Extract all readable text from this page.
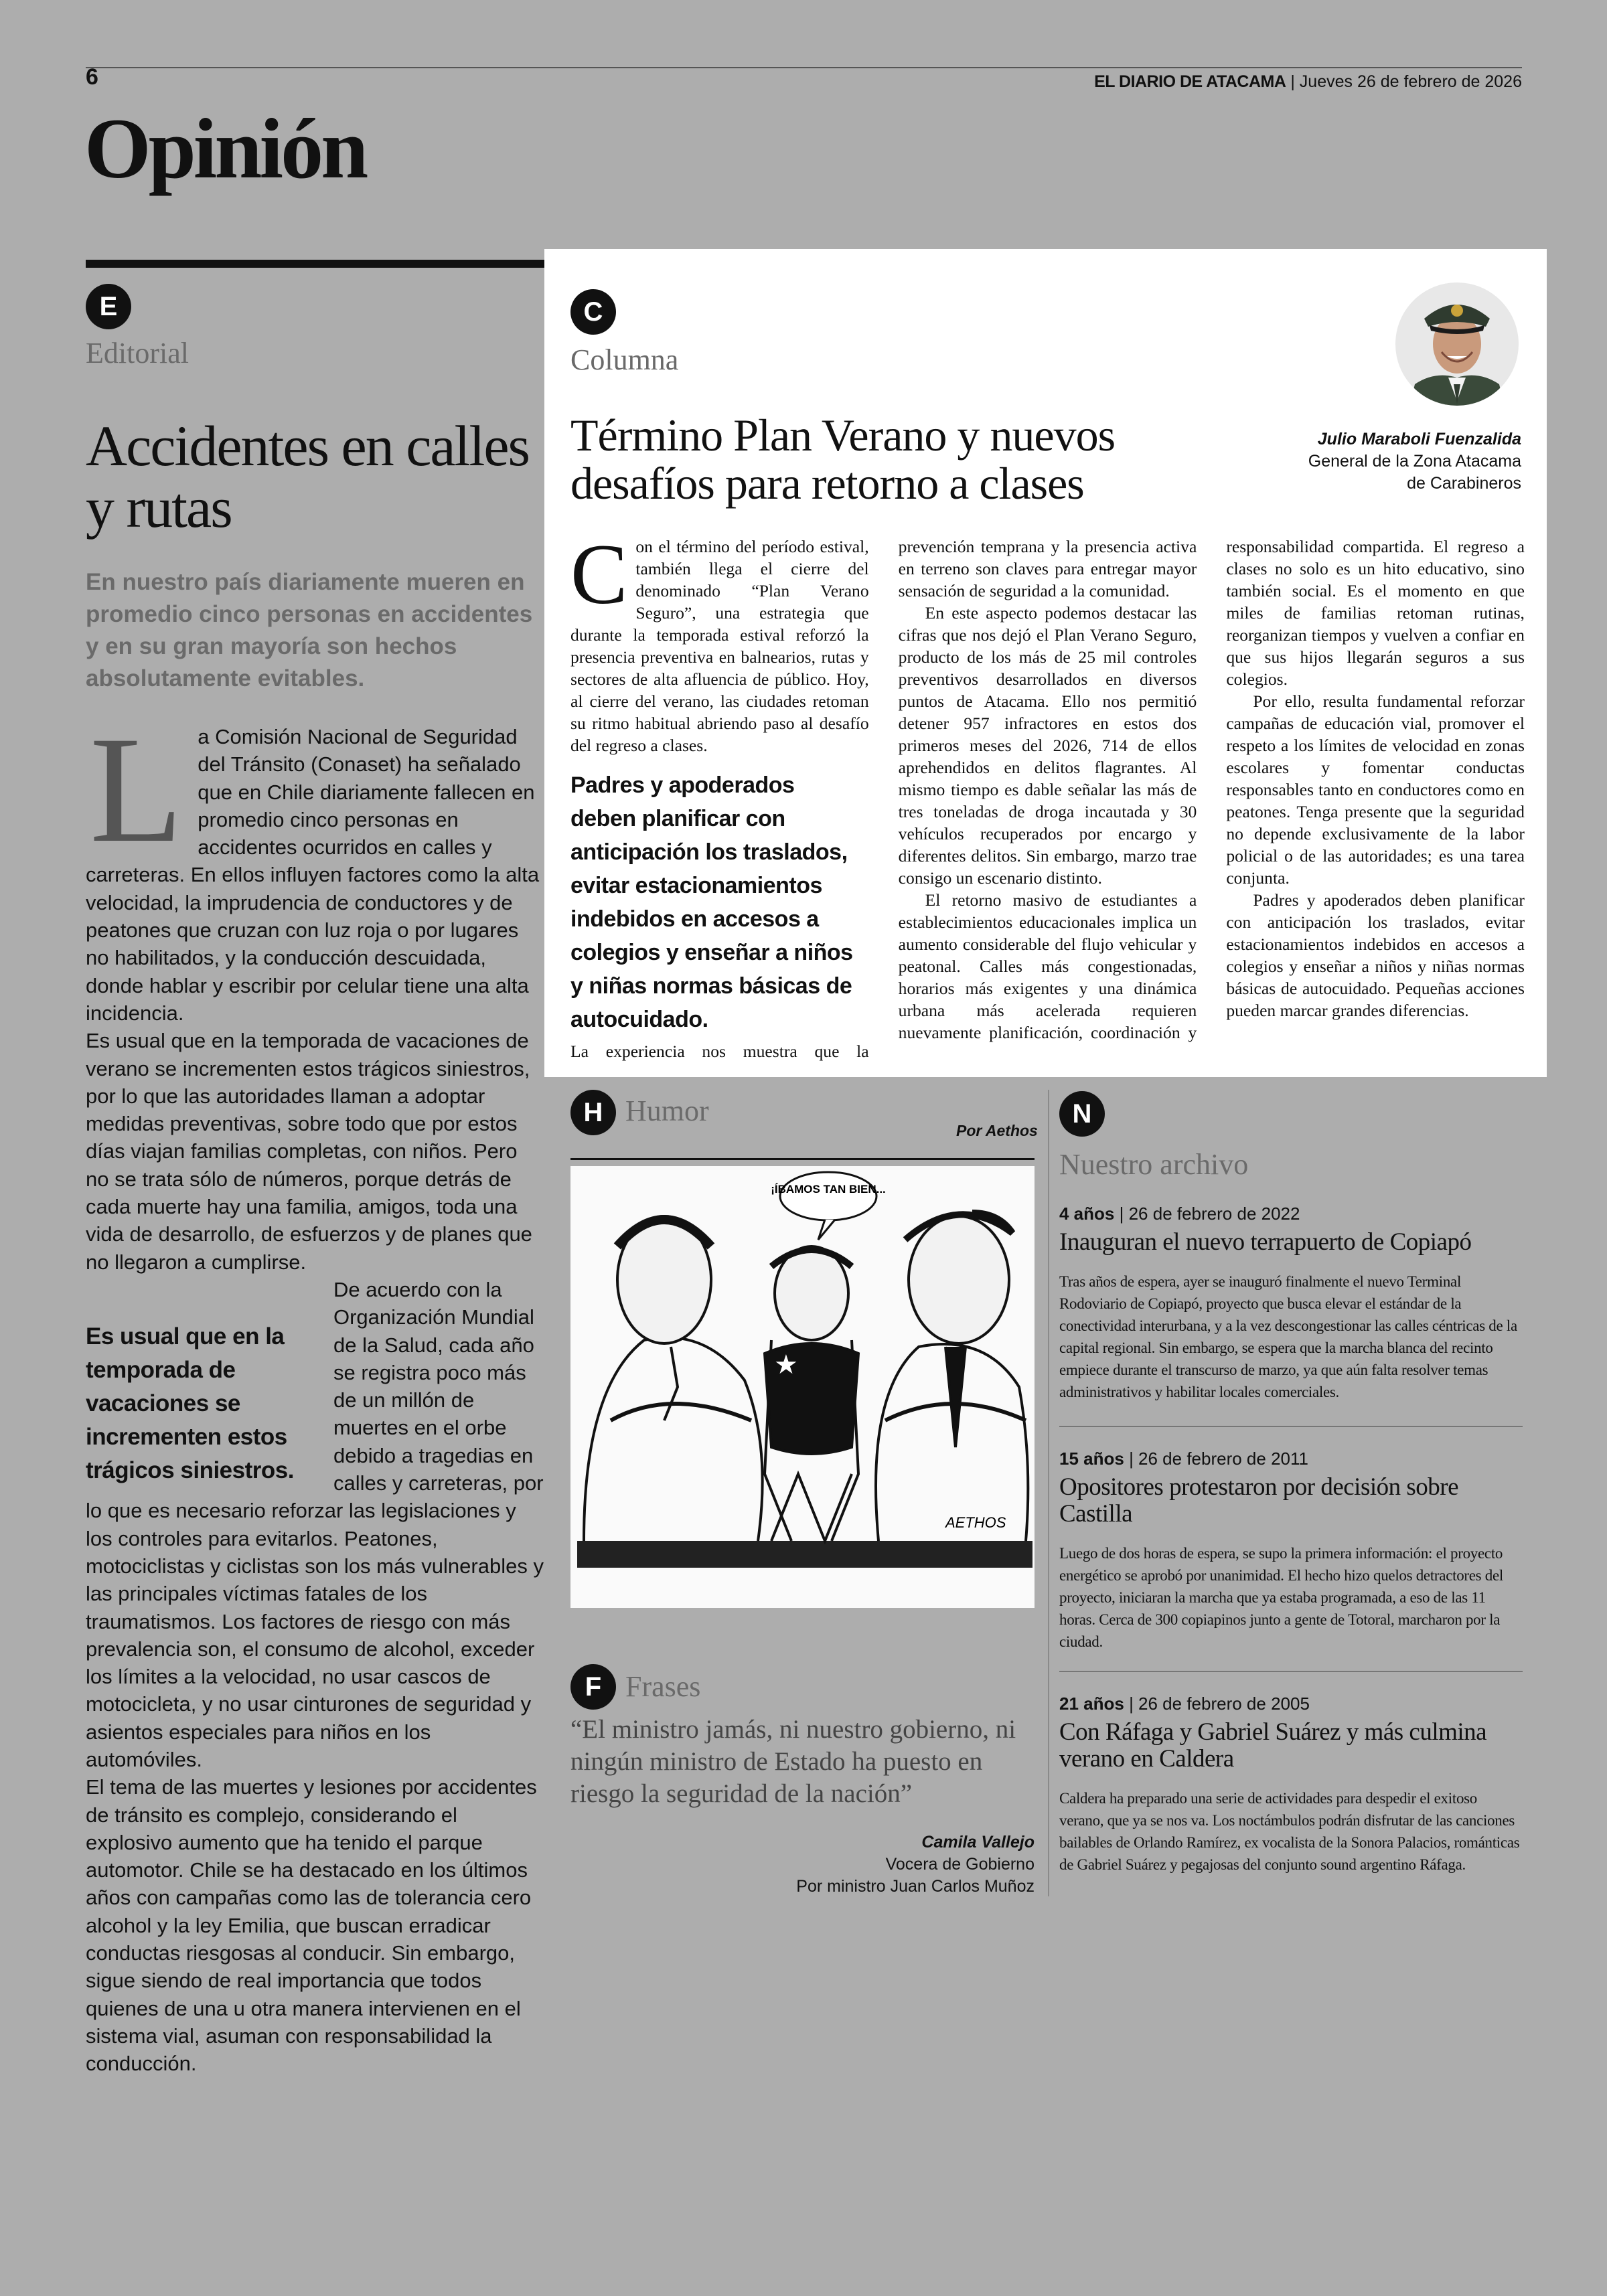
6	EL DIARIO DE ATACAMA | Jueves 26 de febrero de 2026
Opinión
E
Editorial
Accidentes en calles y rutas
En nuestro país diariamente mueren en promedio cinco personas en accidentes y en su gran mayoría son hechos absolutamente evitables.

La Comisión Nacional de Seguridad del Tránsito (Conaset) ha señalado que en Chile diariamente fallecen en promedio cinco personas en accidentes ocurridos en calles y carreteras. En ellos influyen factores como la alta velocidad, la imprudencia de conductores y de peatones que cruzan con luz roja o por lugares no habilitados, y la conducción descuidada, donde hablar y escribir por celular tiene una alta incidencia.

Es usual que en la temporada de vacaciones de verano se incrementen estos trágicos siniestros, por lo que las autoridades llaman a adoptar medidas preventivas, sobre todo que por estos días viajan familias completas, con niños. Pero no se trata sólo de números, porque detrás de cada muerte hay una familia, amigos, toda una vida de desarrollo, de esfuerzos y de planes que no llegaron a cumplirse.

Es usual que en la temporada de vacaciones se incrementen estos trágicos siniestros.
De acuerdo con la Organización Mundial de la Salud, cada año se registra poco más de un millón de muertes en el orbe debido a tragedias en calles y carreteras, por lo que es necesario reforzar las legislaciones y los controles para evitarlos. Peatones, motociclistas y ciclistas son los más vulnerables y las principales víctimas fatales de los traumatismos. Los factores de riesgo con más prevalencia son, el consumo de alcohol, exceder los límites a la velocidad, no usar cascos de motocicleta, y no usar cinturones de seguridad y asientos especiales para niños en los automóviles.

El tema de las muertes y lesiones por accidentes de tránsito es complejo, considerando el explosivo aumento que ha tenido el parque automotor. Chile se ha destacado en los últimos años con campañas como las de tolerancia cero alcohol y la ley Emilia, que buscan erradicar conductas riesgosas al conducir. Sin embargo, sigue siendo de real importancia que todos quienes de una u otra manera intervienen en el sistema vial, asuman con responsabilidad la conducción.

C
Columna
Término Plan Verano y nuevos desafíos para retorno a clases
Julio Maraboli Fuenzalida
General de la Zona Atacama
de Carabineros

Con el término del período estival, también llega el cierre del denominado “Plan Verano Seguro”, una estrategia que durante la temporada estival reforzó la presencia preventiva en balnearios, rutas y sectores de alta afluencia de público. Hoy, al cierre del verano, las ciudades retoman su ritmo habitual abriendo paso al desafío del regreso a clases.

Padres y apoderados deben planificar con anticipación los traslados, evitar estacionamientos indebidos en accesos a colegios y enseñar a niños y niñas normas básicas de autocuidado.
La experiencia nos muestra que la prevención temprana y la presencia activa en terreno son claves para entregar mayor sensación de seguridad a la comunidad.

En este aspecto podemos destacar las cifras que nos dejó el Plan Verano Seguro, producto de los más de 25 mil controles preventivos desarrollados en diversos puntos de Atacama. Ello nos permitió detener 957 infractores en estos dos primeros meses del 2026, 714 de ellos aprehendidos en delitos flagrantes. Al mismo tiempo es dable señalar las más de tres toneladas de droga incautada y 30 vehículos recuperados por encargo y diferentes delitos. Sin embargo, marzo trae consigo un escenario distinto.

El retorno masivo de estudiantes a establecimientos educacionales implica un aumento considerable del flujo vehicular y peatonal. Calles más congestionadas, horarios más exigentes y una dinámica urbana más acelerada requieren nuevamente planificación, coordinación y responsabilidad compartida. El regreso a clases no solo es un hito educativo, sino también social. Es el momento en que miles de familias retoman rutinas, reorganizan tiempos y vuelven a confiar en que sus hijos llegarán seguros a sus colegios.

Por ello, resulta fundamental reforzar campañas de educación vial, promover el respeto a los límites de velocidad en zonas escolares y fomentar conductas responsables tanto en conductores como en peatones. Tenga presente que la seguridad no depende exclusivamente de la labor policial o de las autoridades; es una tarea conjunta.

Padres y apoderados deben planificar con anticipación los traslados, evitar estacionamientos indebidos en accesos a colegios y enseñar a niños y niñas normas básicas de autocuidado. Pequeñas acciones pueden marcar grandes diferencias.

H Humor
Por Aethos
★
¡ÍBAMOS TAN BIEN...
AETHOS
F Frases
“El ministro jamás, ni nuestro gobierno, ni ningún ministro de Estado ha puesto en riesgo la seguridad de la nación”
Camila Vallejo
Vocera de Gobierno
Por ministro Juan Carlos Muñoz
N
Nuestro archivo
4 años | 26 de febrero de 2022
Inauguran el nuevo terrapuerto de Copiapó
Tras años de espera, ayer se inauguró finalmente el nuevo Terminal Rodoviario de Copiapó, proyecto que busca elevar el estándar de la conectividad interurbana, y a la vez descongestionar las calles céntricas de la capital regional. Sin embargo, se espera que la marcha blanca del recinto empiece durante el transcurso de marzo, ya que aún falta resolver temas administrativos y habilitar locales comerciales.
15 años | 26 de febrero de 2011
Opositores protestaron por decisión sobre Castilla
Luego de dos horas de espera, se supo la primera información: el proyecto energético se aprobó por unanimidad. El hecho hizo quelos detractores del proyecto, iniciaran la marcha que ya estaba programada, a eso de las 11 horas. Cerca de 300 copiapinos junto a gente de Totoral, marcharon por la ciudad.
21 años | 26 de febrero de 2005
Con Ráfaga y Gabriel Suárez y más culmina verano en Caldera
Caldera ha preparado una serie de actividades para despedir el exitoso verano, que ya se nos va. Los noctámbulos podrán disfrutar de las canciones bailables de Orlando Ramírez, ex vocalista de la Sonora Palacios, románticas de Gabriel Suárez y pegajosas del conjunto sound argentino Ráfaga.
